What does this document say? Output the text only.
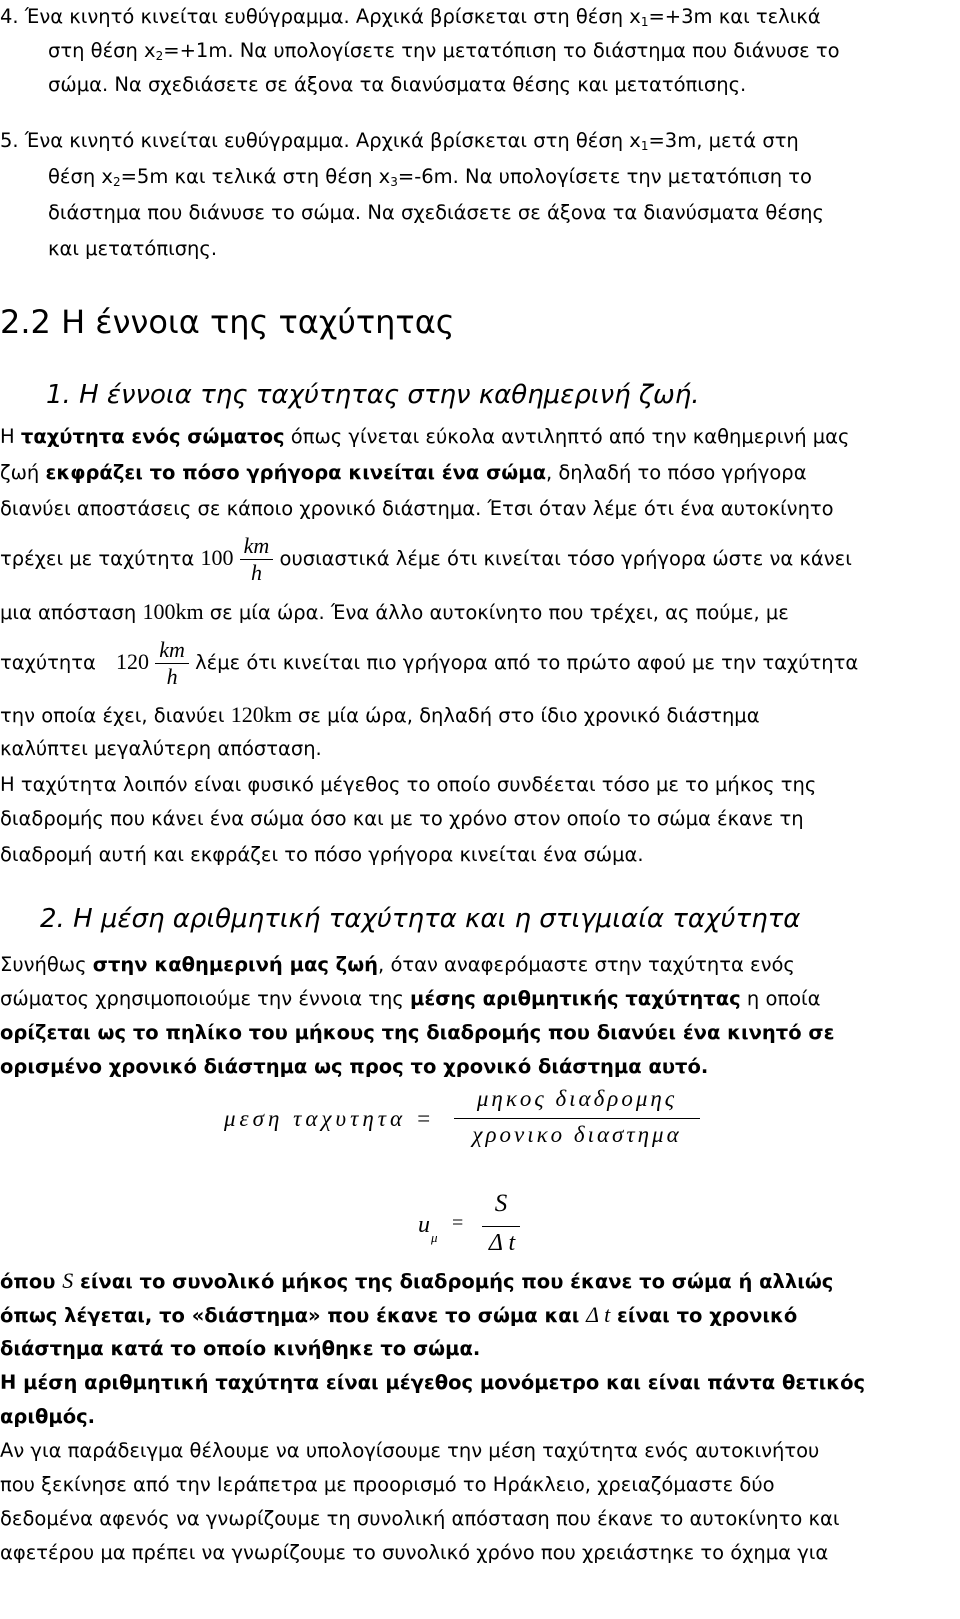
4. Ένα κινητό κινείται ευθύγραμμα. Αρχικά βρίσκεται στη θέση $x_1=+3m$ και τελικά
στη θέση $x_2=+1m$. Να υπολογίσετε την μετατόπιση το διάστημα που διάνυσε το
σώμα. Να σχεδιάσετε σε άξονα τα διανύσματα θέσης και μετατόπισης.
5. Ένα κινητό κινείται ευθύγραμμα. Αρχικά βρίσκεται στη θέση $x_1=3m$, μετά στη
θέση $x_2=5m$ και τελικά στη θέση $x_3=-6m$. Να υπολογίσετε την μετατόπιση το
διάστημα που διάνυσε το σώμα. Να σχεδιάσετε σε άξονα τα διανύσματα θέσης
και μετατόπισης.
2.2 Η έννοια της ταχύτητας
1. Η έννοια της ταχύτητας στην καθημερινή ζωή.
Η ταχύτητα ενός σώματος όπως γίνεται εύκολα αντιληπτό από την καθημερινή μας
ζωή εκφράζει το πόσο γρήγορα κινείται ένα σώμα, δηλαδή το πόσο γρήγορα
διανύει αποστάσεις σε κάποιο χρονικό διάστημα. Έτσι όταν λέμε ότι ένα αυτοκίνητο
τρέχει με ταχύτητα $100 \frac{km}{h}$ ουσιαστικά λέμε ότι κινείται τόσο γρήγορα ώστε να κάνει
μια απόσταση 100km σε μία ώρα. Ένα άλλο αυτοκίνητο που τρέχει, ας πούμε, με
ταχύτητα $120 \frac{km}{h}$ λέμε ότι κινείται πιο γρήγορα από το πρώτο αφού με την ταχύτητα
την οποία έχει, διανύει 120km σε μία ώρα, δηλαδή στο ίδιο χρονικό διάστημα
καλύπτει μεγαλύτερη απόσταση.
Η ταχύτητα λοιπόν είναι φυσικό μέγεθος το οποίο συνδέεται τόσο με το μήκος της
διαδρομής που κάνει ένα σώμα όσο και με το χρόνο στον οποίο το σώμα έκανε τη
διαδρομή αυτή και εκφράζει το πόσο γρήγορα κινείται ένα σώμα.
2. Η μέση αριθμητική ταχύτητα και η στιγμιαία ταχύτητα
Συνήθως στην καθημερινή μας ζωή, όταν αναφερόμαστε στην ταχύτητα ενός
σώματος χρησιμοποιούμε την έννοια της μέσης αριθμητικής ταχύτητας η οποία
ορίζεται ως το πηλίκο του μήκους της διαδρομής που διανύει ένα κινητό σε
ορισμένο χρονικό διάστημα ως προς το χρονικό διάστημα αυτό.
μεση ταχυτητα =
μηκος διαδρομης
χρονικο διαστημα
u μ
=
S
Δ t
όπου S είναι το συνολικό μήκος της διαδρομής που έκανε το σώμα ή αλλιώς
όπως λέγεται, το «διάστημα» που έκανε το σώμα και Δ t είναι το χρονικό
διάστημα κατά το οποίο κινήθηκε το σώμα.
Η μέση αριθμητική ταχύτητα είναι μέγεθος μονόμετρο και είναι πάντα θετικός
αριθμός.
Αν για παράδειγμα θέλουμε να υπολογίσουμε την μέση ταχύτητα ενός αυτοκινήτου
που ξεκίνησε από την Ιεράπετρα με προορισμό το Ηράκλειο, χρειαζόμαστε δύο
δεδομένα αφενός να γνωρίζουμε τη συνολική απόσταση που έκανε το αυτοκίνητο και
αφετέρου μα πρέπει να γνωρίζουμε το συνολικό χρόνο που χρειάστηκε το όχημα για
